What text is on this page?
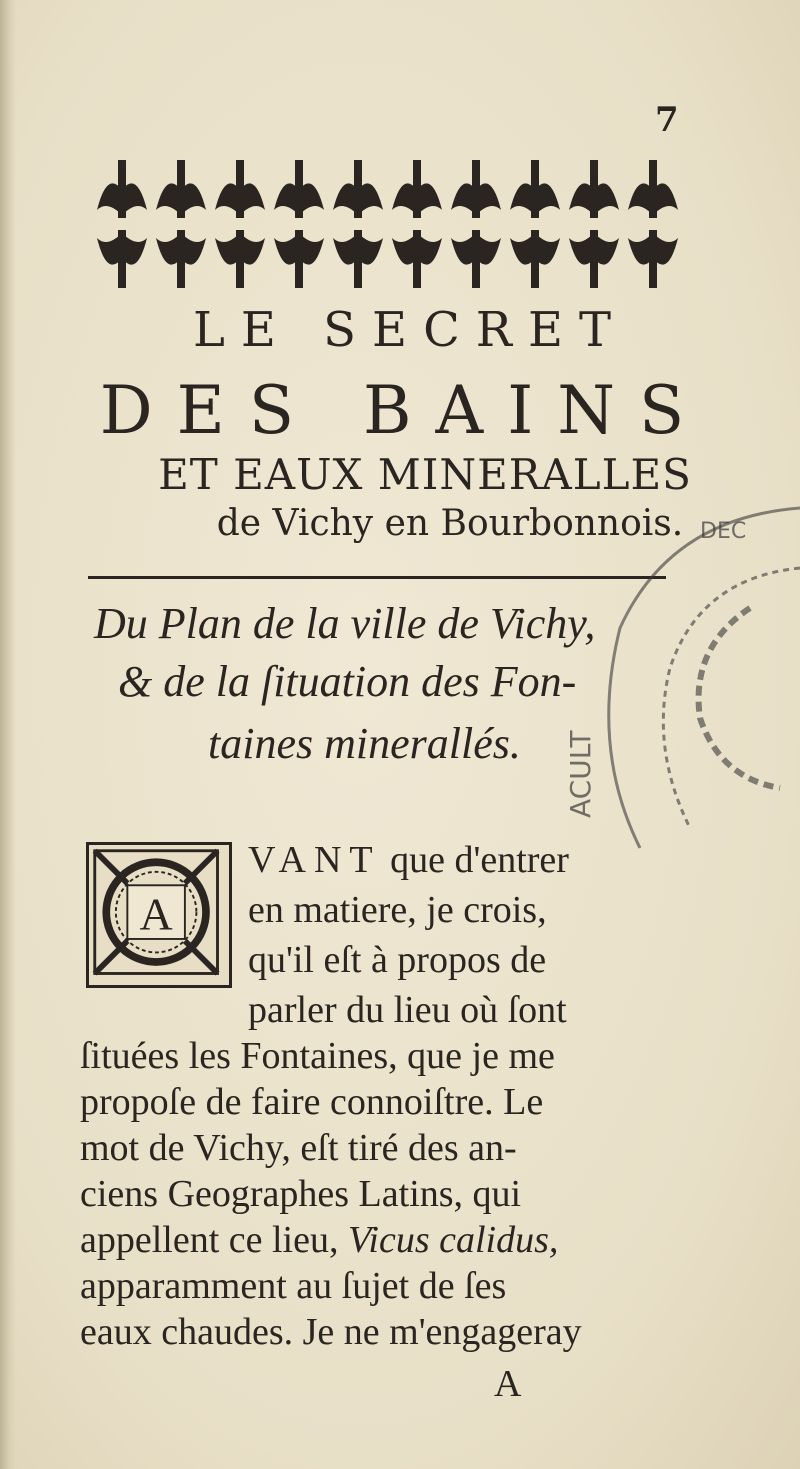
7
LE SECRET
DES BAINS
ET EAUX MINERALLES
de Vichy en Bourbonnois.
Du Plan de la ville de Vichy,
& de la ſituation des Fon-
taines minerallés.
A
VANT que d'entrer
en matiere, je crois,
qu'il eſt à propos de
parler du lieu où ſont
ſituées les Fontaines, que je me
propoſe de faire connoiſtre. Le
mot de Vichy, eſt tiré des an-
ciens Geographes Latins, qui
appellent ce lieu, Vicus calidus,
apparamment au ſujet de ſes
eaux chaudes. Je ne m'engageray
A
ACULT
DEC
